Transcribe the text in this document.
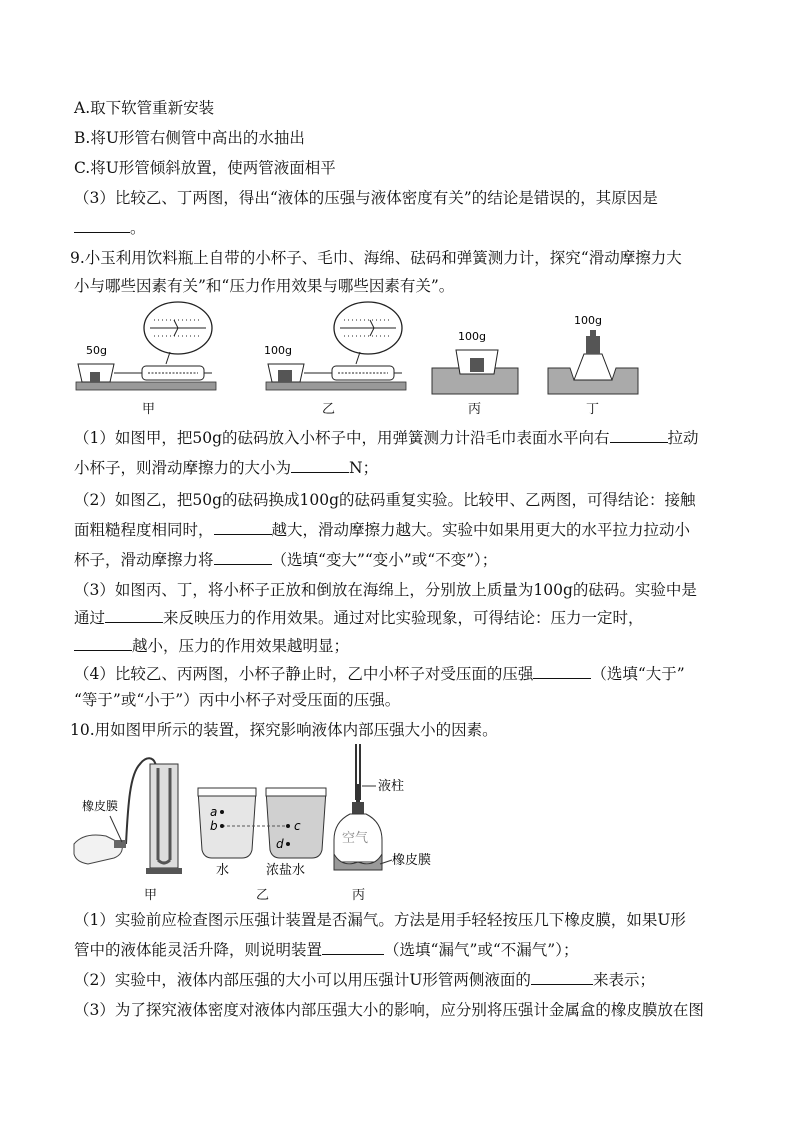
A.取下软管重新安装
B.将U形管右侧管中高出的水抽出
C.将U形管倾斜放置，使两管液面相平
（3）比较乙、丁两图，得出“液体的压强与液体密度有关”的结论是错误的，其原因是
。
9.小玉利用饮料瓶上自带的小杯子、毛巾、海绵、砝码和弹簧测力计，探究“滑动摩擦力大
小与哪些因素有关”和“压力作用效果与哪些因素有关”。
50g	100g
100g
100g
甲	乙	丙	丁
（1）如图甲，把50g的砝码放入小杯子中，用弹簧测力计沿毛巾表面水平向右	拉动
小杯子，则滑动摩擦力的大小为	N；
（2）如图乙，把50g的砝码换成100g的砝码重复实验。比较甲、乙两图，可得结论：接触
面粗糙程度相同时，	越大，滑动摩擦力越大。实验中如果用更大的水平拉力拉动小
杯子，滑动摩擦力将	（选填“变大”“变小”或“不变”）；
（3）如图丙、丁，将小杯子正放和倒放在海绵上，分别放上质量为100g的砝码。实验中是
通过	来反映压力的作用效果。通过对比实验现象，可得结论：压力一定时，
越小，压力的作用效果越明显；
（4）比较乙、丙两图，小杯子静止时，乙中小杯子对受压面的压强	（选填“大于”
“等于”或“小于”）丙中小杯子对受压面的压强。
10.用如图甲所示的装置，探究影响液体内部压强大小的因素。
橡皮膜	a
b	c
d
水	浓盐水
空气
液柱
橡皮膜
甲	乙	丙
（1）实验前应检查图示压强计装置是否漏气。方法是用手轻轻按压几下橡皮膜，如果U形
管中的液体能灵活升降，则说明装置	（选填“漏气”或“不漏气”）；
（2）实验中，液体内部压强的大小可以用压强计U形管两侧液面的	来表示；
（3）为了探究液体密度对液体内部压强大小的影响，应分别将压强计金属盒的橡皮膜放在图
